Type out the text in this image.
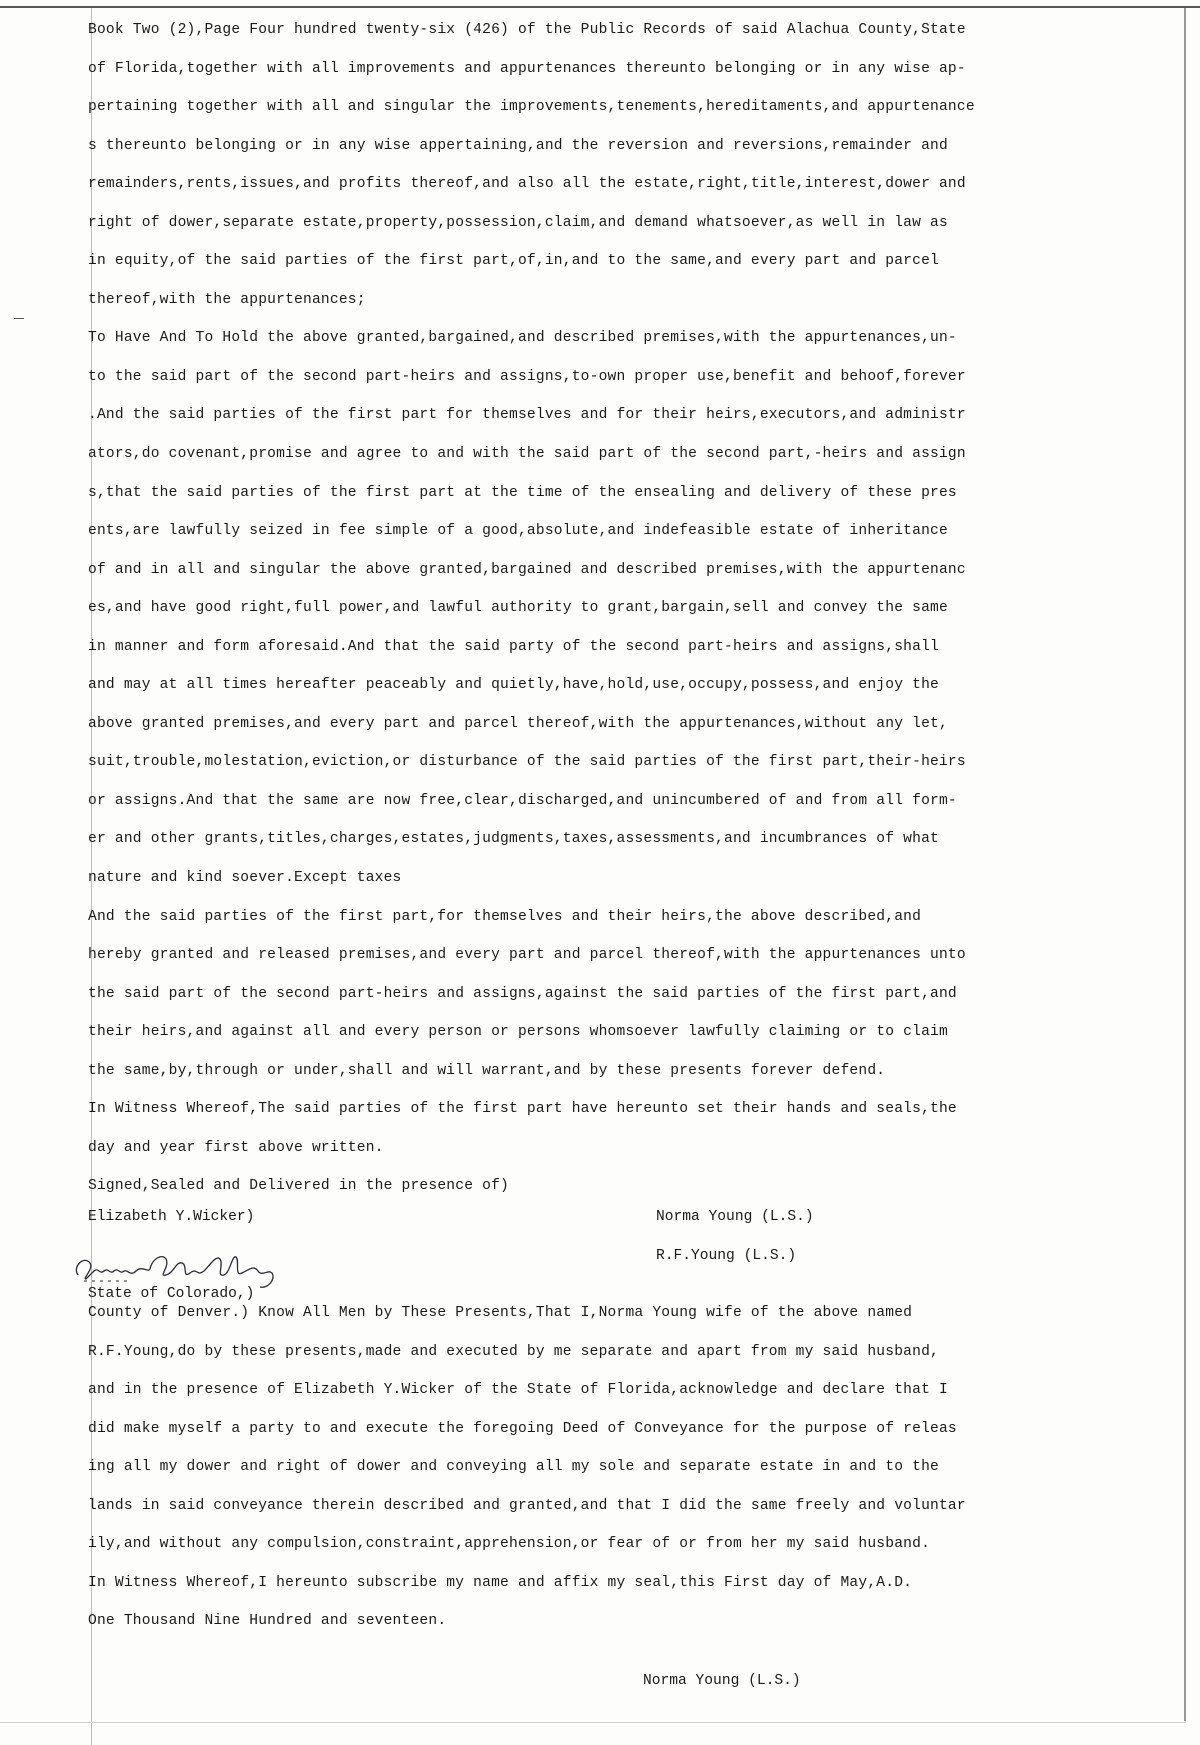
Book Two (2),Page Four hundred twenty-six (426) of the Public Records of said Alachua County,State
of Florida,together with all improvements and appurtenances thereunto belonging or in any wise ap-
pertaining together with all and singular the improvements,tenements,hereditaments,and appurtenance
s thereunto belonging or in any wise appertaining,and the reversion and reversions,remainder and
remainders,rents,issues,and profits thereof,and also all the estate,right,title,interest,dower and
right of dower,separate estate,property,possession,claim,and demand whatsoever,as well in law as
in equity,of the said parties of the first part,of,in,and to the same,and every part and parcel
thereof,with the appurtenances;
To Have And To Hold the above granted,bargained,and described premises,with the appurtenances,un-
to the said part of the second part-heirs and assigns,to-own proper use,benefit and behoof,forever
.And the said parties of the first part for themselves and for their heirs,executors,and administr
ators,do covenant,promise and agree to and with the said part of the second part,-heirs and assign
s,that the said parties of the first part at the time of the ensealing and delivery of these pres
ents,are lawfully seized in fee simple of a good,absolute,and indefeasible estate of inheritance
of and in all and singular the above granted,bargained and described premises,with the appurtenanc
es,and have good right,full power,and lawful authority to grant,bargain,sell and convey the same
in manner and form aforesaid.And that the said party of the second part-heirs and assigns,shall
and may at all times hereafter peaceably and quietly,have,hold,use,occupy,possess,and enjoy the
above granted premises,and every part and parcel thereof,with the appurtenances,without any let,
suit,trouble,molestation,eviction,or disturbance of the said parties of the first part,their-heirs
or assigns.And that the same are now free,clear,discharged,and unincumbered of and from all form-
er and other grants,titles,charges,estates,judgments,taxes,assessments,and incumbrances of what
nature and kind soever.Except taxes
And the said parties of the first part,for themselves and their heirs,the above described,and
hereby granted and released premises,and every part and parcel thereof,with the appurtenances unto
the said part of the second part-heirs and assigns,against the said parties of the first part,and
their heirs,and against all and every person or persons whomsoever lawfully claiming or to claim
the same,by,through or under,shall and will warrant,and by these presents forever defend.
In Witness Whereof,The said parties of the first part have hereunto set their hands and seals,the
day and year first above written.
Signed,Sealed and Delivered in the presence of)
Elizabeth Y.Wicker)	Norma Young (L.S.)
R.F.Young (L.S.)
State of Colorado,)
County of Denver.) Know All Men by These Presents,That I,Norma Young wife of the above named
R.F.Young,do by these presents,made and executed by me separate and apart from my said husband,
and in the presence of Elizabeth Y.Wicker of the State of Florida,acknowledge and declare that I
did make myself a party to and execute the foregoing Deed of Conveyance for the purpose of releas
ing all my dower and right of dower and conveying all my sole and separate estate in and to the
lands in said conveyance therein described and granted,and that I did the same freely and voluntar
ily,and without any compulsion,constraint,apprehension,or fear of or from her my said husband.
In Witness Whereof,I hereunto subscribe my name and affix my seal,this First day of May,A.D.
One Thousand Nine Hundred and seventeen.
Norma Young (L.S.)
